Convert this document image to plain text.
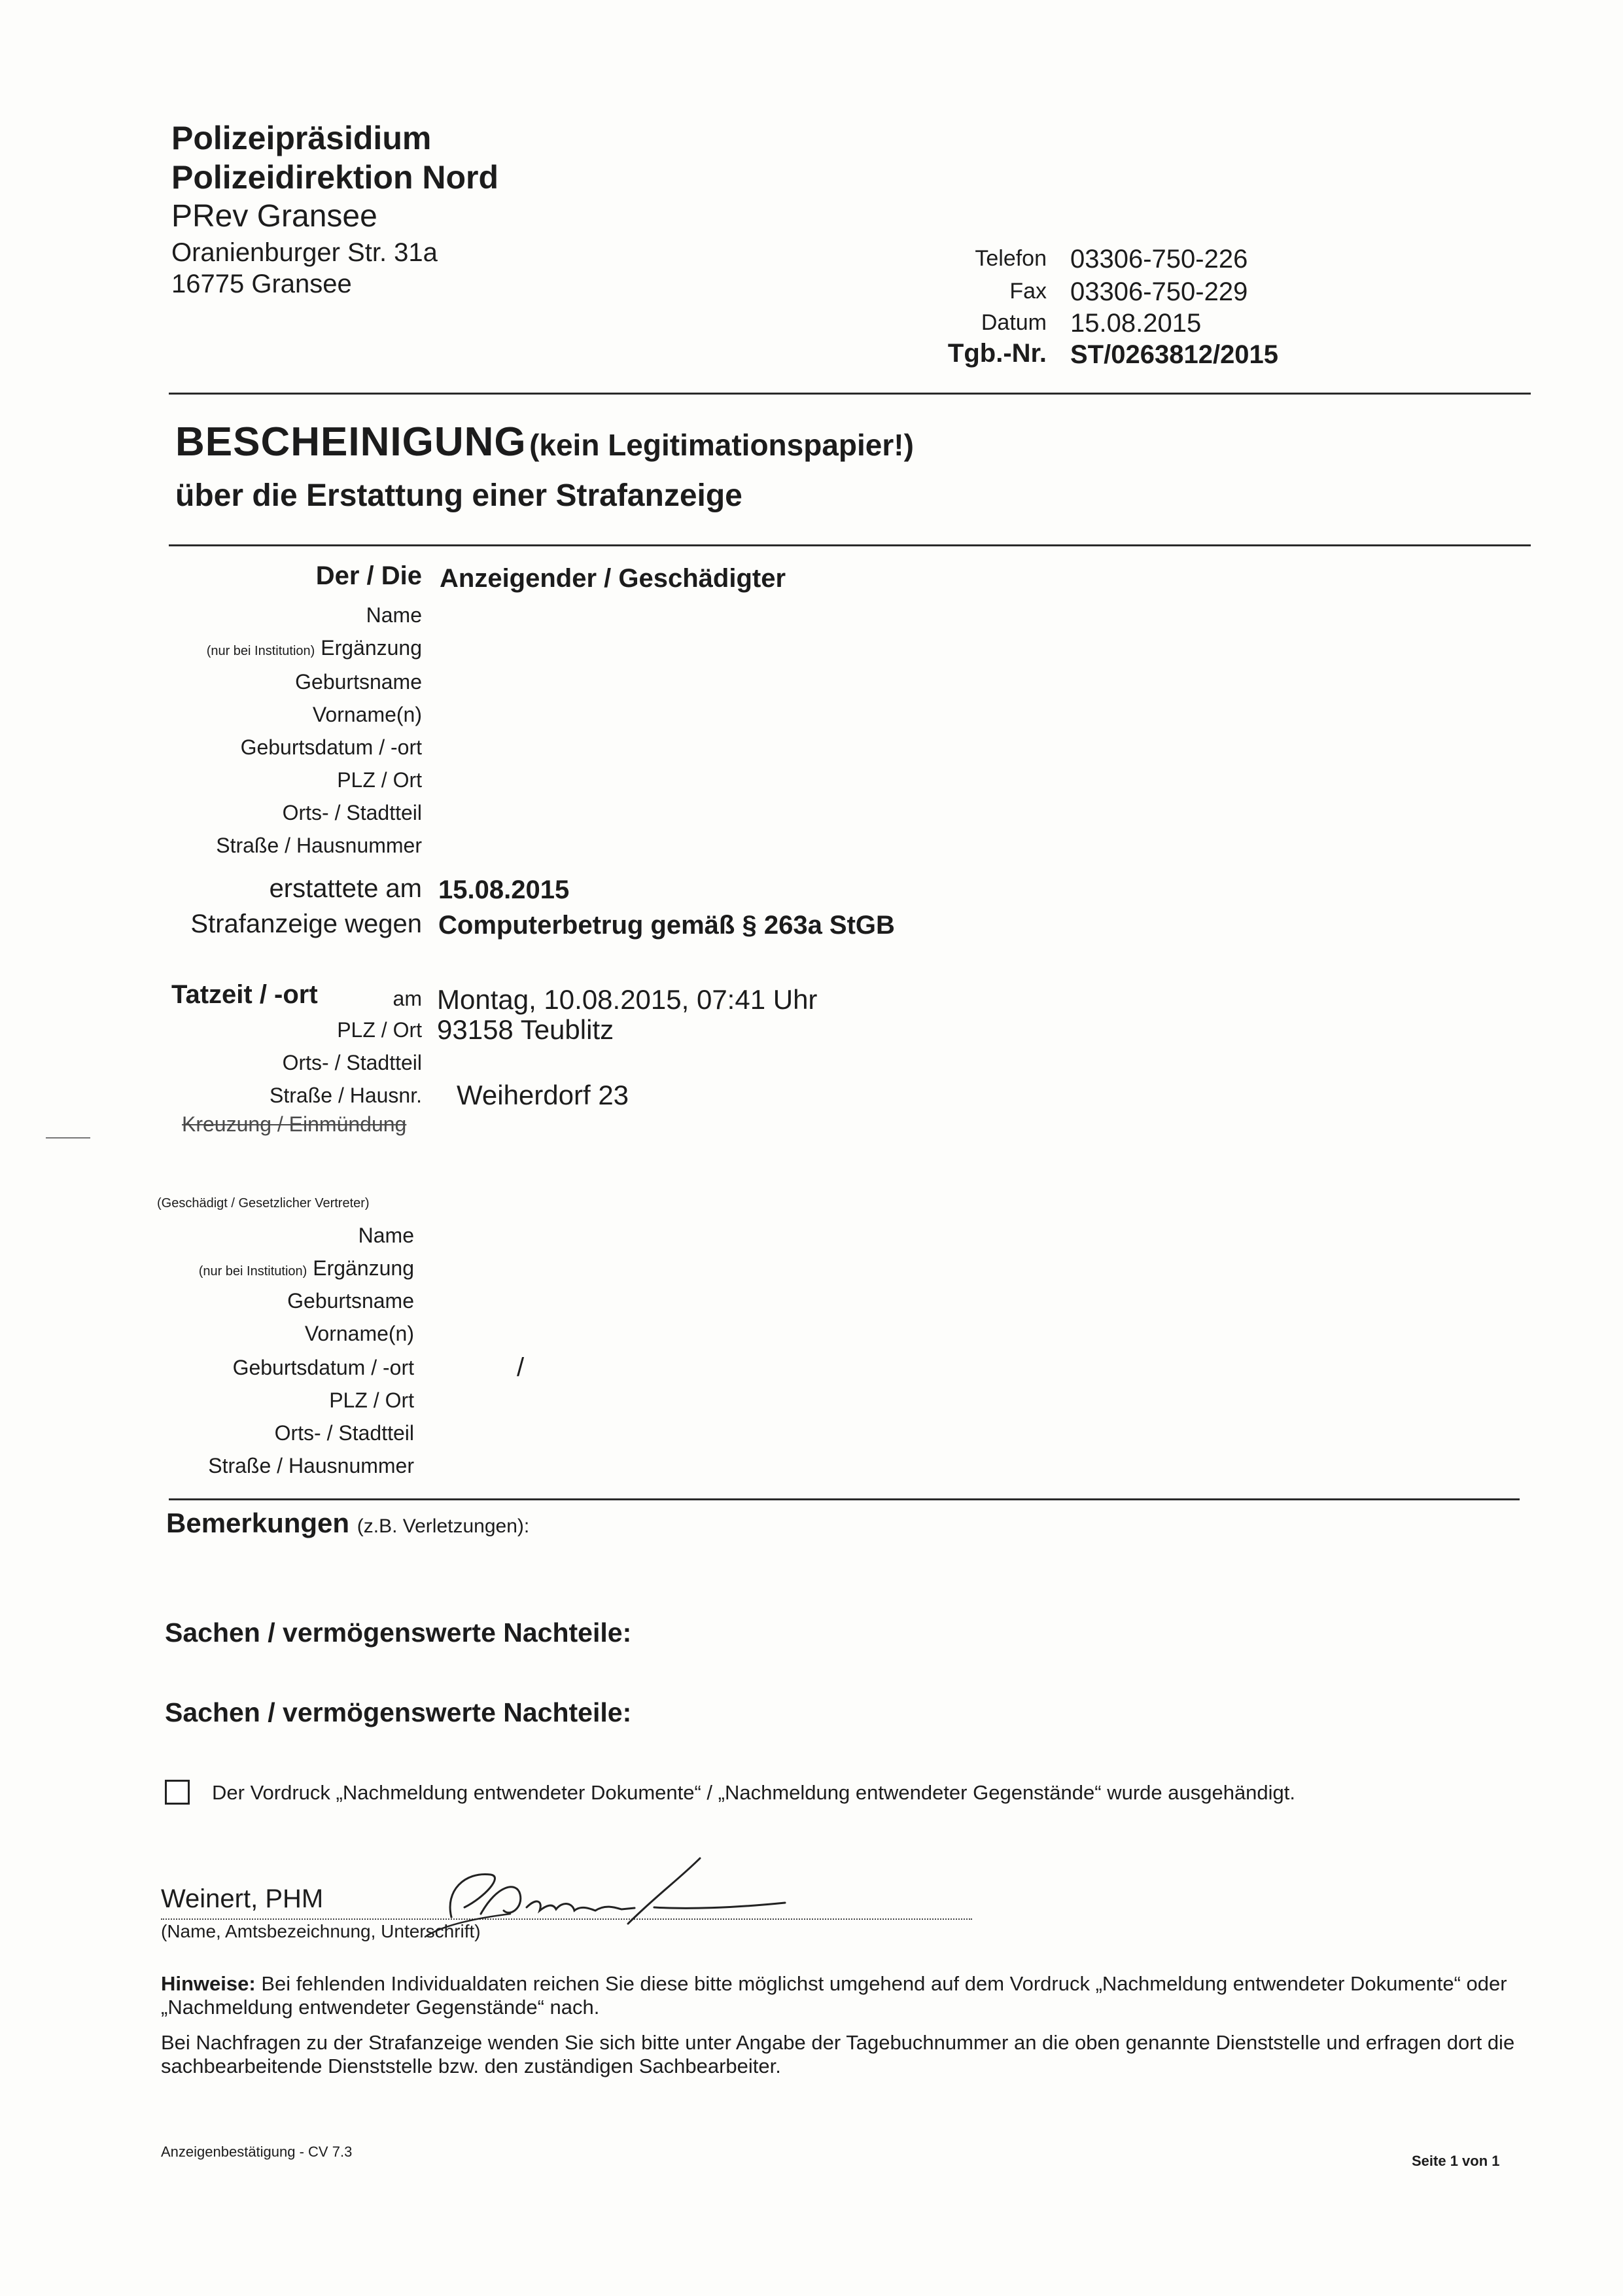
Polizeipräsidium
Polizeidirektion Nord
PRev Gransee
Oranienburger Str. 31a
16775 Gransee
Telefon 03306-750-226
Fax 03306-750-229
Datum 15.08.2015
Tgb.-Nr. ST/0263812/2015
BESCHEINIGUNG (kein Legitimationspapier!)
über die Erstattung einer Strafanzeige
Der / Die Anzeigender / Geschädigter
Name
(nur bei Institution) Ergänzung
Geburtsname
Vorname(n)
Geburtsdatum / -ort
PLZ / Ort
Orts- / Stadtteil
Straße / Hausnummer
erstattete am 15.08.2015
Strafanzeige wegen Computerbetrug gemäß § 263a StGB
Tatzeit / -ort	am Montag, 10.08.2015, 07:41 Uhr
PLZ / Ort 93158 Teublitz
Orts- / Stadtteil
Straße / Hausnr. Weiherdorf 23
Kreuzung / Einmündung
(Geschädigt / Gesetzlicher Vertreter)
Name
(nur bei Institution) Ergänzung
Geburtsname
Vorname(n)
Geburtsdatum / -ort	/
PLZ / Ort
Orts- / Stadtteil
Straße / Hausnummer
Bemerkungen (z.B. Verletzungen):
Sachen / vermögenswerte Nachteile:
Sachen / vermögenswerte Nachteile:
Der Vordruck „Nachmeldung entwendeter Dokumente“ / „Nachmeldung entwendeter Gegenstände“ wurde ausgehändigt.
Weinert, PHM
(Name, Amtsbezeichnung, Unterschrift)
Hinweise: Bei fehlenden Individualdaten reichen Sie diese bitte möglichst umgehend auf dem Vordruck „Nachmeldung entwendeter Dokumente“ oder „Nachmeldung entwendeter Gegenstände“ nach.
Bei Nachfragen zu der Strafanzeige wenden Sie sich bitte unter Angabe der Tagebuchnummer an die oben genannte Dienststelle und erfragen dort die sachbearbeitende Dienststelle bzw. den zuständigen Sachbearbeiter.
Anzeigenbestätigung - CV 7.3
Seite 1 von 1
